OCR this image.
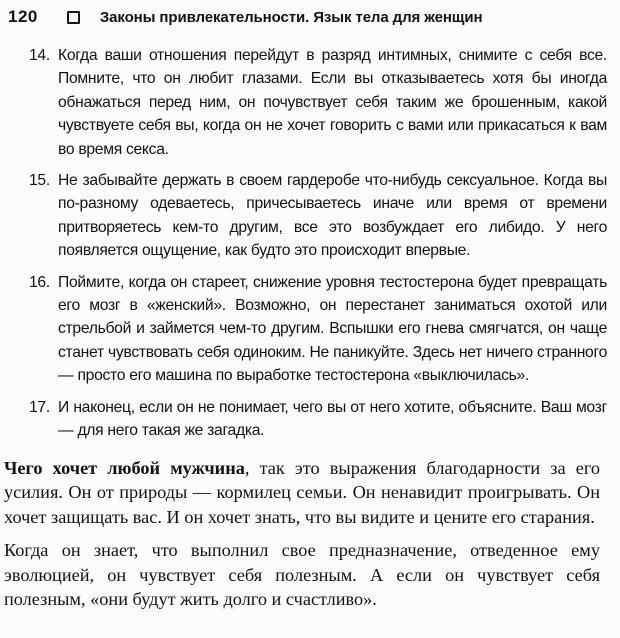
120	Законы привлекательности. Язык тела для женщин
14. Когда ваши отношения перейдут в разряд интимных, снимите с себя все. Помните, что он любит глазами. Если вы отказываетесь хотя бы иногда обнажаться перед ним, он почувствует себя таким же брошенным, какой чувствуете себя вы, когда он не хочет говорить с вами или прикасаться к вам во время секса.
15. Не забывайте держать в своем гардеробе что-нибудь сексуальное. Когда вы по-разному одеваетесь, причесываетесь иначе или время от времени притворяетесь кем-то другим, все это возбуждает его либидо. У него появляется ощущение, как будто это происходит впервые.
16. Поймите, когда он стареет, снижение уровня тестостерона будет превращать его мозг в «женский». Возможно, он перестанет заниматься охотой или стрельбой и займется чем-то другим. Вспышки его гнева смягчатся, он чаще станет чувствовать себя одиноким. Не паникуйте. Здесь нет ничего странного — просто его машина по выработке тестостерона «выключилась».
17. И наконец, если он не понимает, чего вы от него хотите, объясните. Ваш мозг — для него такая же загадка.

Чего хочет любой мужчина, так это выражения благодарности за его усилия. Он от природы — кормилец семьи. Он ненавидит проигрывать. Он хочет защищать вас. И он хочет знать, что вы видите и цените его старания.

Когда он знает, что выполнил свое предназначение, отведенное ему эволюцией, он чувствует себя полезным. А если он чувствует себя полезным, «они будут жить долго и счастливо».
